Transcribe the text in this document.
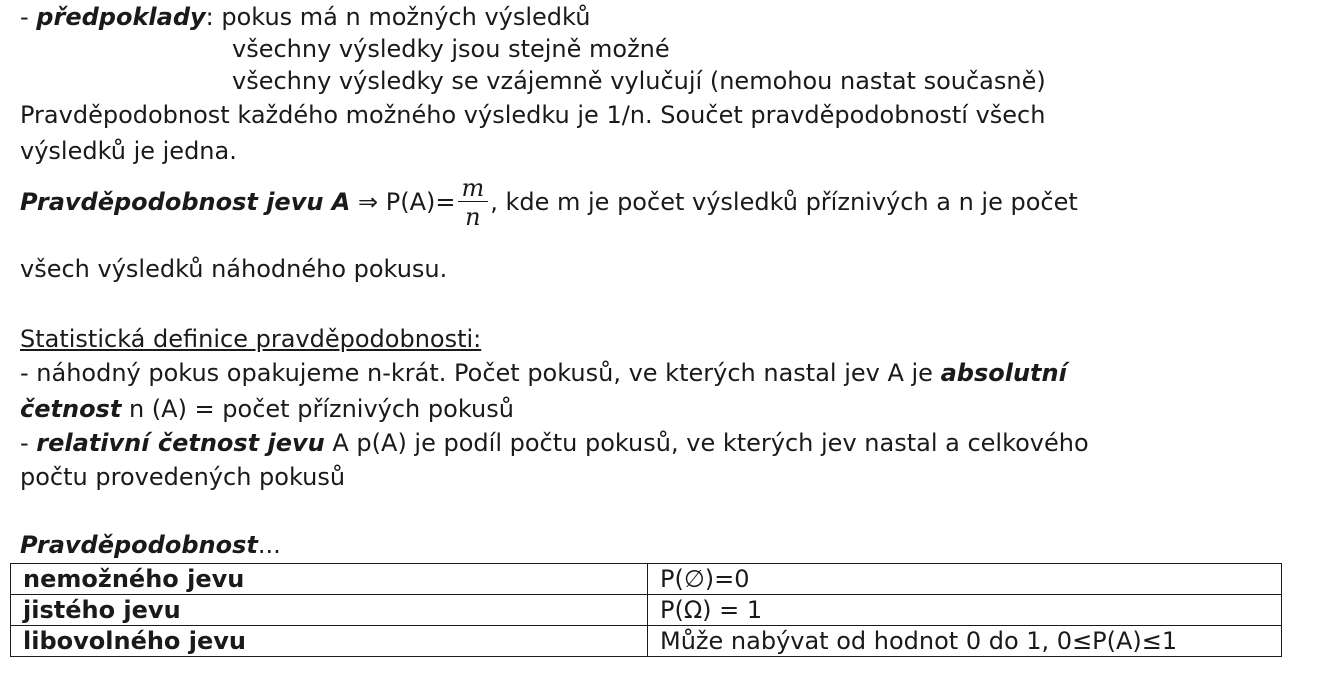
- předpoklady: pokus má n možných výsledků
všechny výsledky jsou stejně možné
všechny výsledky se vzájemně vylučují (nemohou nastat současně)
Pravděpodobnost každého možného výsledku je 1/n. Součet pravděpodobností všech
výsledků je jedna.
Pravděpodobnost jevu A ⇒ $P(A)= \frac{m}{n}$ , kde m je počet výsledků příznivých a n je počet
všech výsledků náhodného pokusu.
Statistická definice pravděpodobnosti:
- náhodný pokus opakujeme n-krát. Počet pokusů, ve kterých nastal jev A je absolutní
četnost n (A) = počet příznivých pokusů
- relativní četnost jevu A p(A) je podíl počtu pokusů, ve kterých jev nastal a celkového
počtu provedených pokusů
Pravděpodobnost...
nemožného jevu	P(∅)=0
jistého jevu	P(Ω) = 1
libovolného jevu	Může nabývat od hodnot 0 do 1, 0≤P(A)≤1
